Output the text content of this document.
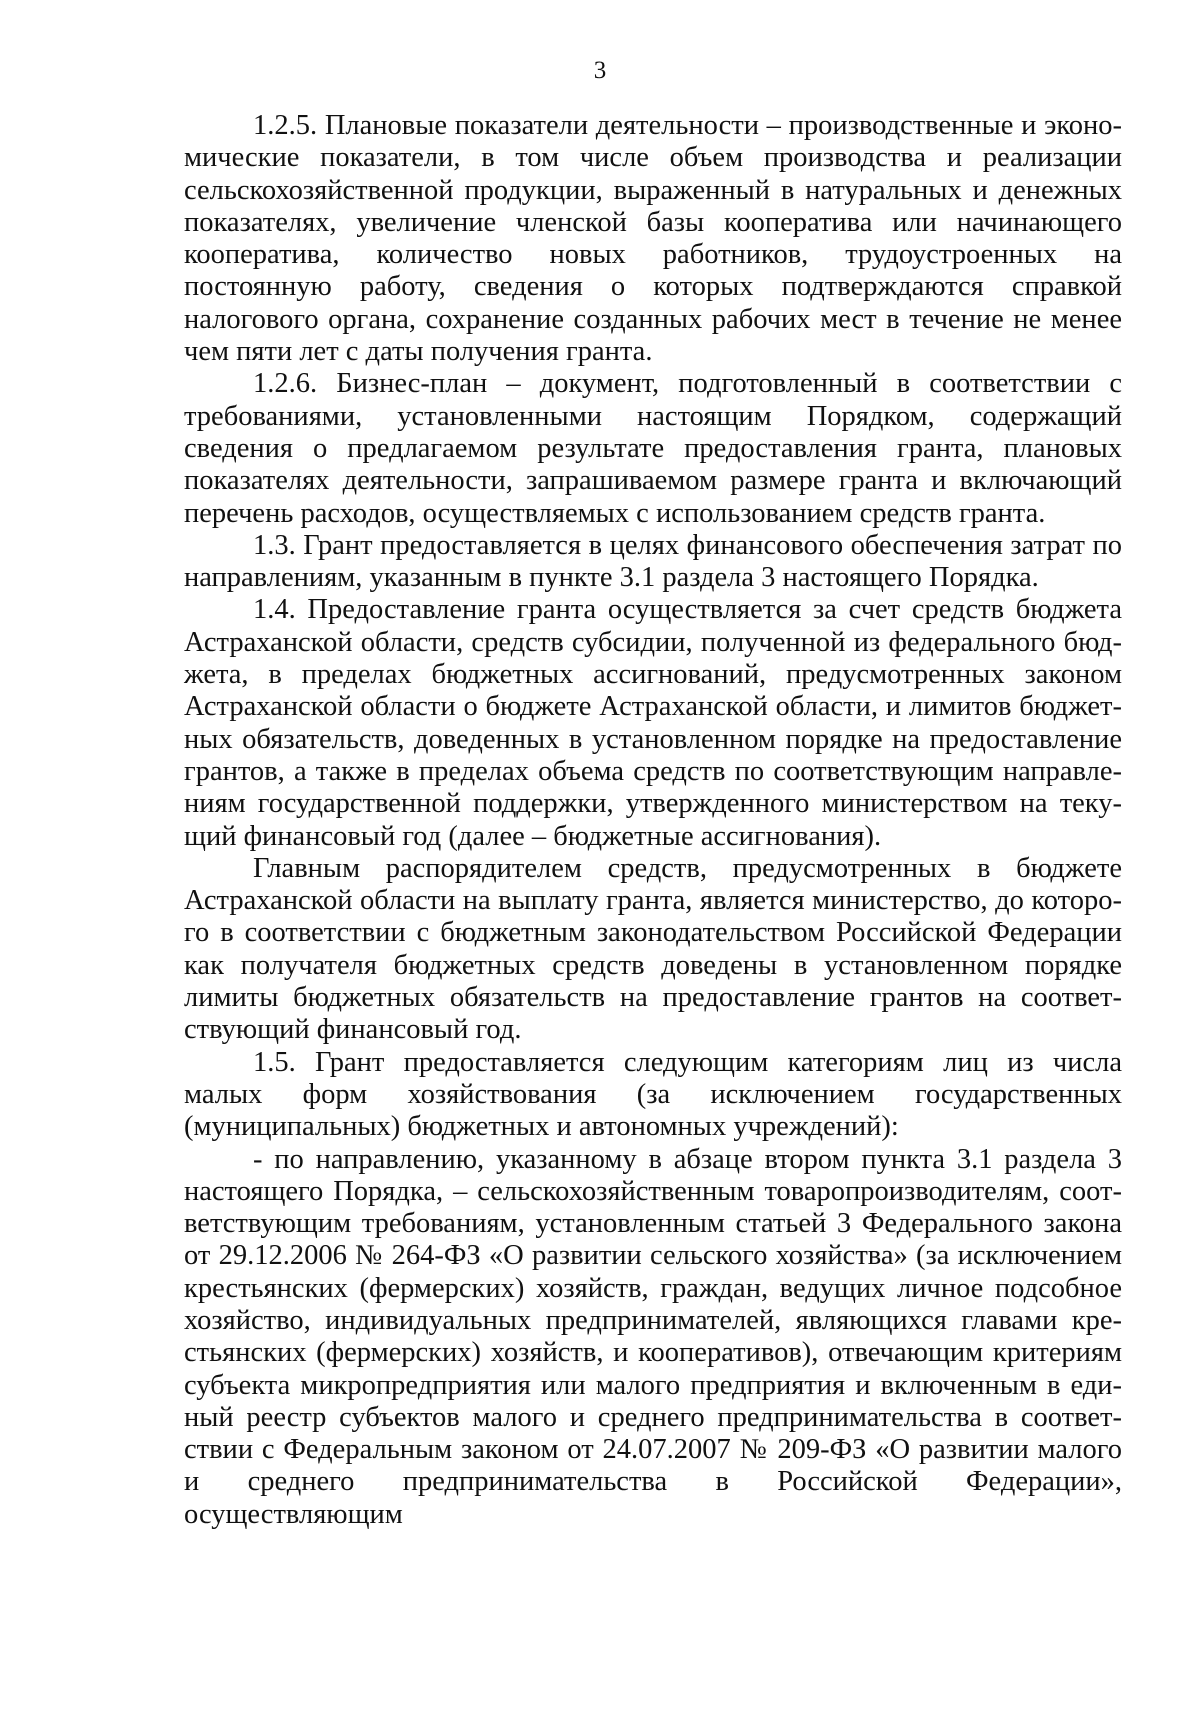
3

1.2.5. Плановые показатели деятельности – производственные и экономические показатели, в том числе объем производства и реализации сельскохозяйственной продукции, выраженный в натуральных и денежных показателях, увеличение членской базы кооператива или начинающего кооператива, количество новых работников, трудоустроенных на постоянную работу, сведения о которых подтверждаются справкой налогового органа, сохранение созданных рабочих мест в течение не менее чем пяти лет с даты получения гранта.

1.2.6. Бизнес-план – документ, подготовленный в соответствии с требованиями, установленными настоящим Порядком, содержащий сведения о предлагаемом результате предоставления гранта, плановых показателях деятельности, запрашиваемом размере гранта и включающий перечень расходов, осуществляемых с использованием средств гранта.

1.3. Грант предоставляется в целях финансового обеспечения затрат по направлениям, указанным в пункте 3.1 раздела 3 настоящего Порядка.

1.4. Предоставление гранта осуществляется за счет средств бюджета Астраханской области, средств субсидии, полученной из федерального бюджета, в пределах бюджетных ассигнований, предусмотренных законом Астраханской области о бюджете Астраханской области, и лимитов бюджетных обязательств, доведенных в установленном порядке на предоставление грантов, а также в пределах объема средств по соответствующим направлениям государственной поддержки, утвержденного министерством на текущий финансовый год (далее – бюджетные ассигнования).

Главным распорядителем средств, предусмотренных в бюджете Астраханской области на выплату гранта, является министерство, до которого в соответствии с бюджетным законодательством Российской Федерации как получателя бюджетных средств доведены в установленном порядке лимиты бюджетных обязательств на предоставление грантов на соответствующий финансовый год.

1.5. Грант предоставляется следующим категориям лиц из числа малых форм хозяйствования (за исключением государственных (муниципальных) бюджетных и автономных учреждений):

- по направлению, указанному в абзаце втором пункта 3.1 раздела 3 настоящего Порядка, – сельскохозяйственным товаропроизводителям, соответствующим требованиям, установленным статьей 3 Федерального закона от 29.12.2006 № 264-ФЗ «О развитии сельского хозяйства» (за исключением крестьянских (фермерских) хозяйств, граждан, ведущих личное подсобное хозяйство, индивидуальных предпринимателей, являющихся главами крестьянских (фермерских) хозяйств, и кооперативов), отвечающим критериям субъекта микропредприятия или малого предприятия и включенным в единый реестр субъектов малого и среднего предпринимательства в соответствии с Федеральным законом от 24.07.2007 № 209-ФЗ «О развитии малого и среднего предпринимательства в Российской Федерации», осуществляющим
